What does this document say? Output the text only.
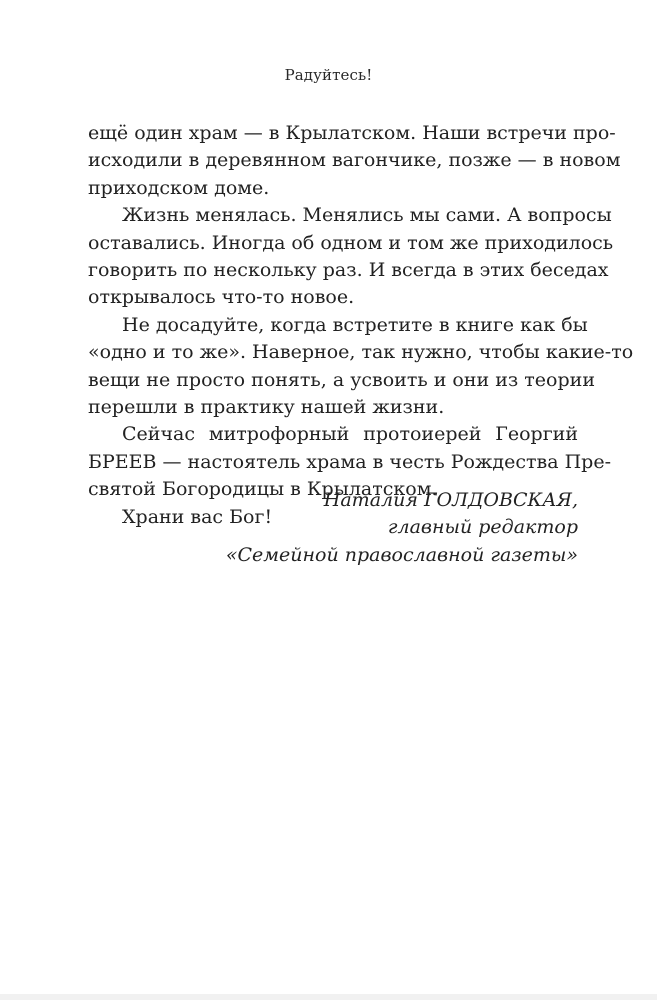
Радуйтесь!
ещё один храм — в Крылатском. Наши встречи про-
исходили в деревянном вагончике, позже — в новом
приходском доме.
Жизнь менялась. Менялись мы сами. А вопросы
оставались. Иногда об одном и том же приходилось
говорить по нескольку раз. И всегда в этих беседах
открывалось что-то новое.
Не досадуйте, когда встретите в книге как бы
«одно и то же». Наверное, так нужно, чтобы какие-то
вещи не просто понять, а усвоить и они из теории
перешли в практику нашей жизни.
Сейчас митрофорный протоиерей Георгий
БРЕЕВ — настоятель храма в честь Рождества Пре-
святой Богородицы в Крылатском.
Храни вас Бог!
Наталия ГОЛДОВСКАЯ,
главный редактор
«Семейной православной газеты»
